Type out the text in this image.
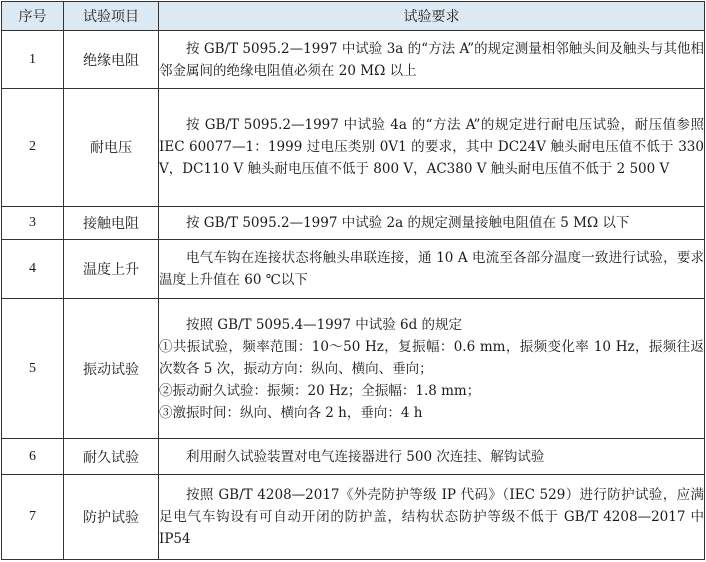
序号	试验项目	试验要求
1	绝缘电阻	按 GB/T 5095.2—1997 中试验 3a 的“方法 A”的规定测量相邻触头间及触头与其他相邻金属间的绝缘电阻值必须在 20 MΩ 以上

2	耐电压	按 GB/T 5095.2—1997 中试验 4a 的“方法 A”的规定进行耐电压试验，耐压值参照 IEC 60077—1：1999 过电压类别 0V1 的要求，其中 DC24V 触头耐电压值不低于 330 V，DC110 V 触头耐电压值不低于 800 V，AC380 V 触头耐电压值不低于 2 500 V

3	接触电阻	按 GB/T 5095.2—1997 中试验 2a 的规定测量接触电阻值在 5 MΩ 以下

4	温度上升	电气车钩在连接状态将触头串联连接，通 10 A 电流至各部分温度一致进行试验，要求温度上升值在 60 ℃以下

5	振动试验	按照 GB/T 5095.4—1997 中试验 6d 的规定

①共振试验，频率范围：10～50 Hz，复振幅：0.6 mm，振频变化率 10 Hz，振频往返次数各 5 次，振动方向：纵向、横向、垂向；

②振动耐久试验：振频：20 Hz；全振幅：1.8 mm；

③激振时间：纵向、横向各 2 h，垂向：4 h

6	耐久试验	利用耐久试验装置对电气连接器进行 500 次连挂、解钩试验

7	防护试验	按照 GB/T 4208—2017《外壳防护等级 IP 代码》（IEC 529）进行防护试验，应满足电气车钩设有可自动开闭的防护盖，结构状态防护等级不低于 GB/T 4208—2017 中 IP54
